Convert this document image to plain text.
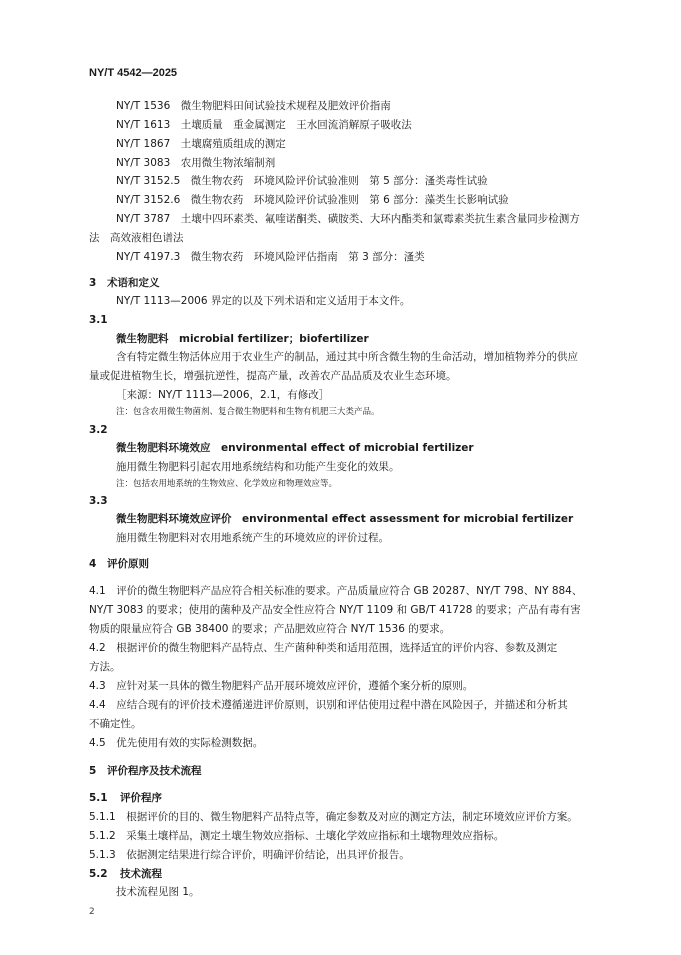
NY/T 4542—2025
NY/T 1536　微生物肥料田间试验技术规程及肥效评价指南
NY/T 1613　土壤质量　重金属测定　王水回流消解原子吸收法
NY/T 1867　土壤腐殖质组成的测定
NY/T 3083　农用微生物浓缩制剂
NY/T 3152.5　微生物农药　环境风险评价试验准则　第 5 部分：溞类毒性试验
NY/T 3152.6　微生物农药　环境风险评价试验准则　第 6 部分：藻类生长影响试验
NY/T 3787　土壤中四环素类、氟喹诺酮类、磺胺类、大环内酯类和氯霉素类抗生素含量同步检测方
法　高效液相色谱法
NY/T 4197.3　微生物农药　环境风险评估指南　第 3 部分：溞类
3 术语和定义
NY/T 1113—2006 界定的以及下列术语和定义适用于本文件。
3.1
微生物肥料　microbial fertilizer；biofertilizer
含有特定微生物活体应用于农业生产的制品，通过其中所含微生物的生命活动，增加植物养分的供应
量或促进植物生长，增强抗逆性，提高产量，改善农产品品质及农业生态环境。
［来源：NY/T 1113—2006，2.1，有修改］
注：包含农用微生物菌剂、复合微生物肥料和生物有机肥三大类产品。
3.2
微生物肥料环境效应　environmental effect of microbial fertilizer
施用微生物肥料引起农用地系统结构和功能产生变化的效果。
注：包括农用地系统的生物效应、化学效应和物理效应等。
3.3
微生物肥料环境效应评价　environmental effect assessment for microbial fertilizer
施用微生物肥料对农用地系统产生的环境效应的评价过程。
4 评价原则
4.1　评价的微生物肥料产品应符合相关标准的要求。产品质量应符合 GB 20287、NY/T 798、NY 884、
NY/T 3083 的要求；使用的菌种及产品安全性应符合 NY/T 1109 和 GB/T 41728 的要求；产品有毒有害
物质的限量应符合 GB 38400 的要求；产品肥效应符合 NY/T 1536 的要求。
4.2　根据评价的微生物肥料产品特点、生产菌种种类和适用范围，选择适宜的评价内容、参数及测定
方法。
4.3　应针对某一具体的微生物肥料产品开展环境效应评价，遵循个案分析的原则。
4.4　应结合现有的评价技术遵循递进评价原则，识别和评估使用过程中潜在风险因子，并描述和分析其
不确定性。
4.5　优先使用有效的实际检测数据。
5 评价程序及技术流程
5.1 评价程序
5.1.1　根据评价的目的、微生物肥料产品特点等，确定参数及对应的测定方法，制定环境效应评价方案。
5.1.2　采集土壤样品，测定土壤生物效应指标、土壤化学效应指标和土壤物理效应指标。
5.1.3　依据测定结果进行综合评价，明确评价结论，出具评价报告。
5.2 技术流程
技术流程见图 1。
2
